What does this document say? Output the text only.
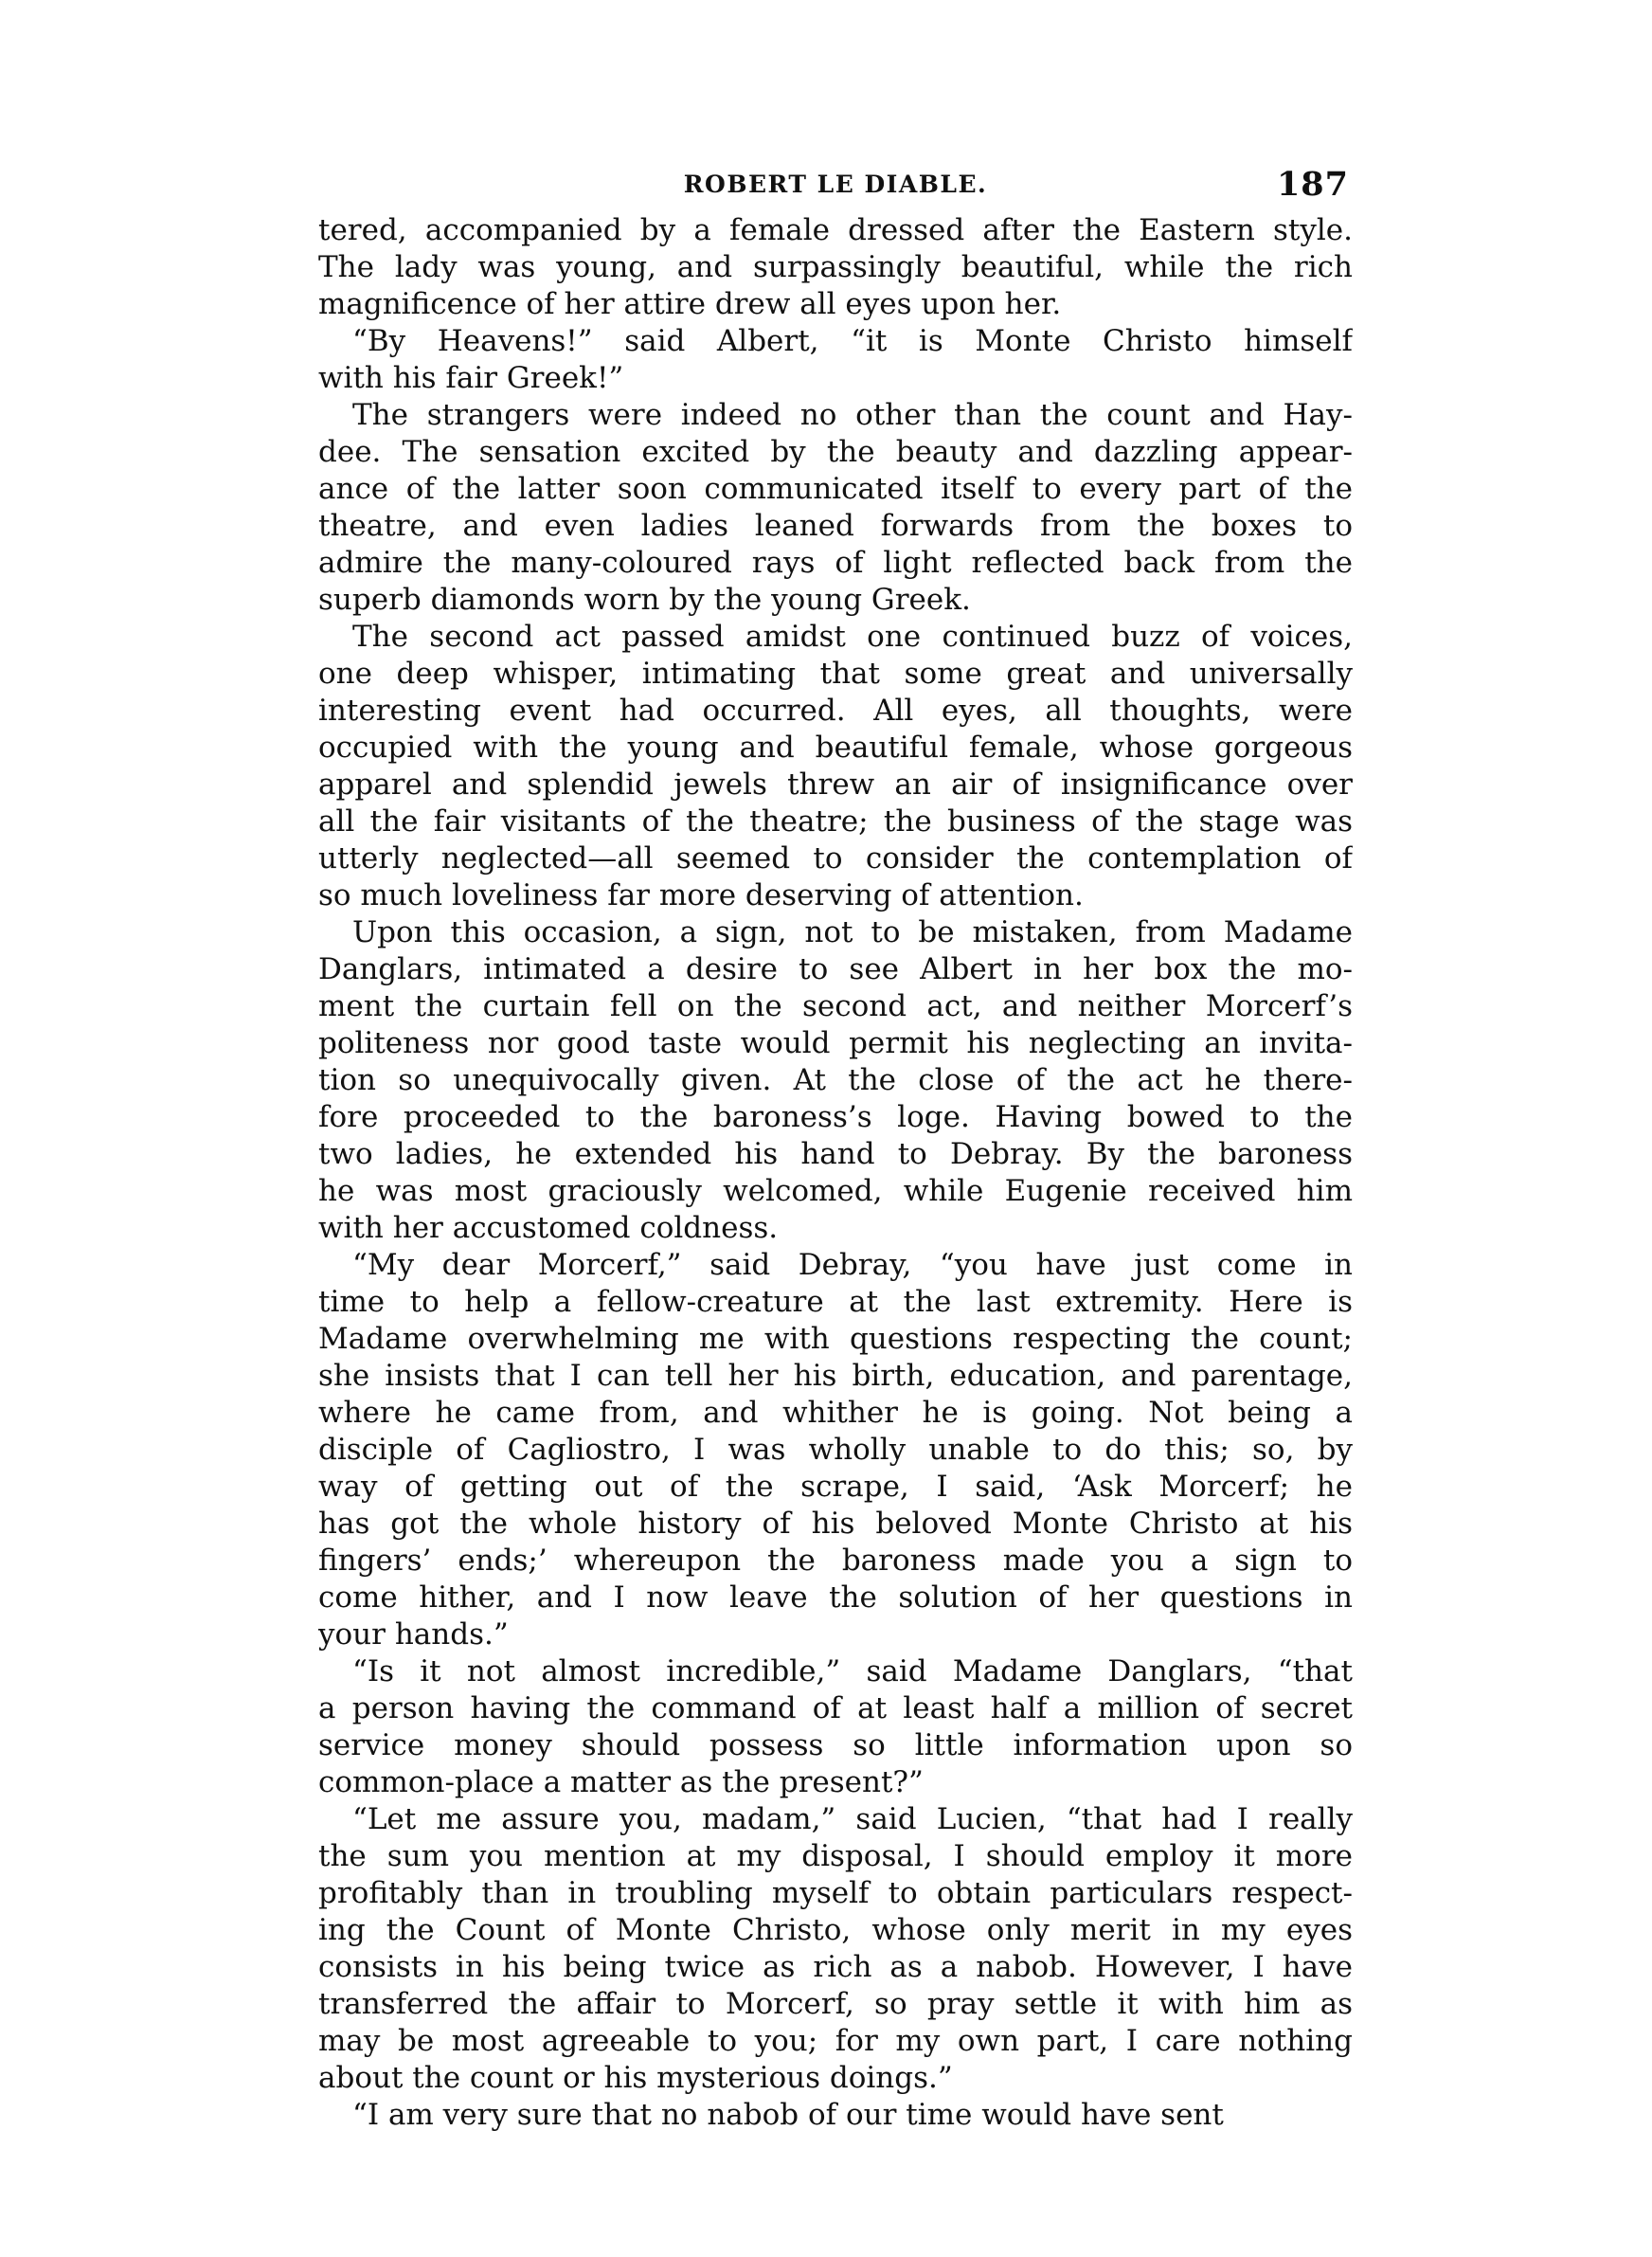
ROBERT LE DIABLE.	187
tered, accompanied by a female dressed after the Eastern style.
The lady was young, and surpassingly beautiful, while the rich
magnificence of her attire drew all eyes upon her.
“By Heavens!” said Albert, “it is Monte Christo himself
with his fair Greek!”
The strangers were indeed no other than the count and Hay-
dee. The sensation excited by the beauty and dazzling appear-
ance of the latter soon communicated itself to every part of the
theatre, and even ladies leaned forwards from the boxes to
admire the many-coloured rays of light reflected back from the
superb diamonds worn by the young Greek.
The second act passed amidst one continued buzz of voices,
one deep whisper, intimating that some great and universally
interesting event had occurred. All eyes, all thoughts, were
occupied with the young and beautiful female, whose gorgeous
apparel and splendid jewels threw an air of insignificance over
all the fair visitants of the theatre; the business of the stage was
utterly neglected—all seemed to consider the contemplation of
so much loveliness far more deserving of attention.
Upon this occasion, a sign, not to be mistaken, from Madame
Danglars, intimated a desire to see Albert in her box the mo-
ment the curtain fell on the second act, and neither Morcerf’s
politeness nor good taste would permit his neglecting an invita-
tion so unequivocally given. At the close of the act he there-
fore proceeded to the baroness’s loge. Having bowed to the
two ladies, he extended his hand to Debray. By the baroness
he was most graciously welcomed, while Eugenie received him
with her accustomed coldness.
“My dear Morcerf,” said Debray, “you have just come in
time to help a fellow-creature at the last extremity. Here is
Madame overwhelming me with questions respecting the count;
she insists that I can tell her his birth, education, and parentage,
where he came from, and whither he is going. Not being a
disciple of Cagliostro, I was wholly unable to do this; so, by
way of getting out of the scrape, I said, ‘Ask Morcerf; he
has got the whole history of his beloved Monte Christo at his
fingers’ ends;’ whereupon the baroness made you a sign to
come hither, and I now leave the solution of her questions in
your hands.”
“Is it not almost incredible,” said Madame Danglars, “that
a person having the command of at least half a million of secret
service money should possess so little information upon so
common-place a matter as the present?”
“Let me assure you, madam,” said Lucien, “that had I really
the sum you mention at my disposal, I should employ it more
profitably than in troubling myself to obtain particulars respect-
ing the Count of Monte Christo, whose only merit in my eyes
consists in his being twice as rich as a nabob. However, I have
transferred the affair to Morcerf, so pray settle it with him as
may be most agreeable to you; for my own part, I care nothing
about the count or his mysterious doings.”
“I am very sure that no nabob of our time would have sent
